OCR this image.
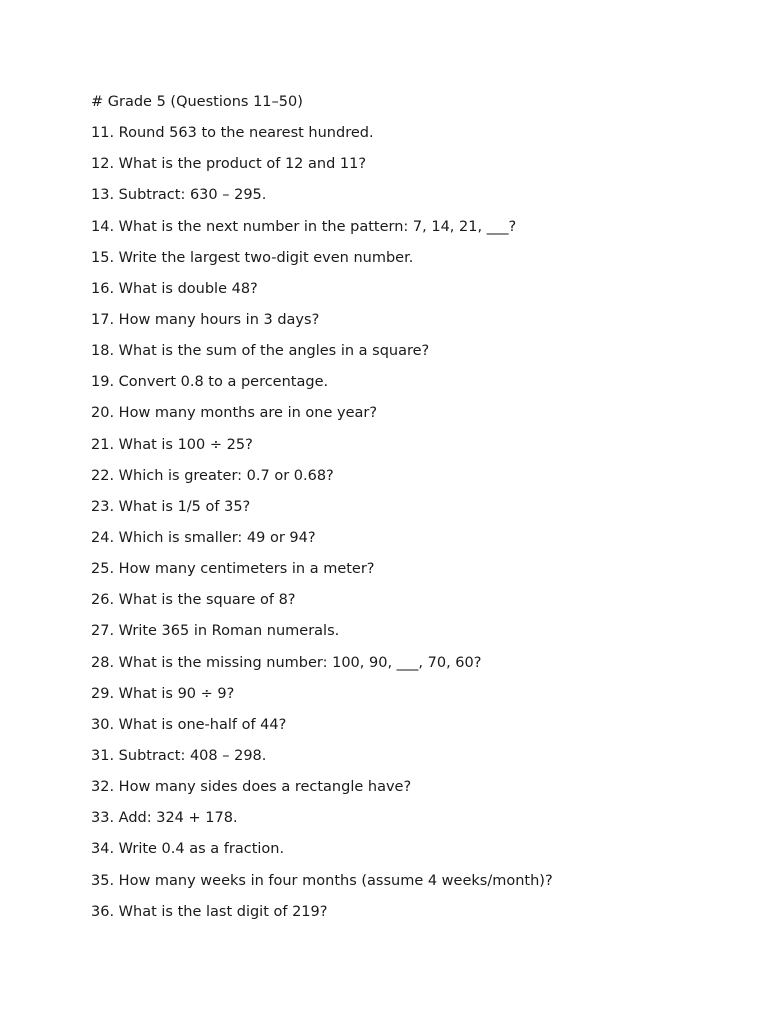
# Grade 5 (Questions 11–50)
11. Round 563 to the nearest hundred.
12. What is the product of 12 and 11?
13. Subtract: 630 – 295.
14. What is the next number in the pattern: 7, 14, 21, ___?
15. Write the largest two-digit even number.
16. What is double 48?
17. How many hours in 3 days?
18. What is the sum of the angles in a square?
19. Convert 0.8 to a percentage.
20. How many months are in one year?
21. What is 100 ÷ 25?
22. Which is greater: 0.7 or 0.68?
23. What is 1/5 of 35?
24. Which is smaller: 49 or 94?
25. How many centimeters in a meter?
26. What is the square of 8?
27. Write 365 in Roman numerals.
28. What is the missing number: 100, 90, ___, 70, 60?
29. What is 90 ÷ 9?
30. What is one-half of 44?
31. Subtract: 408 – 298.
32. How many sides does a rectangle have?
33. Add: 324 + 178.
34. Write 0.4 as a fraction.
35. How many weeks in four months (assume 4 weeks/month)?
36. What is the last digit of 219?
